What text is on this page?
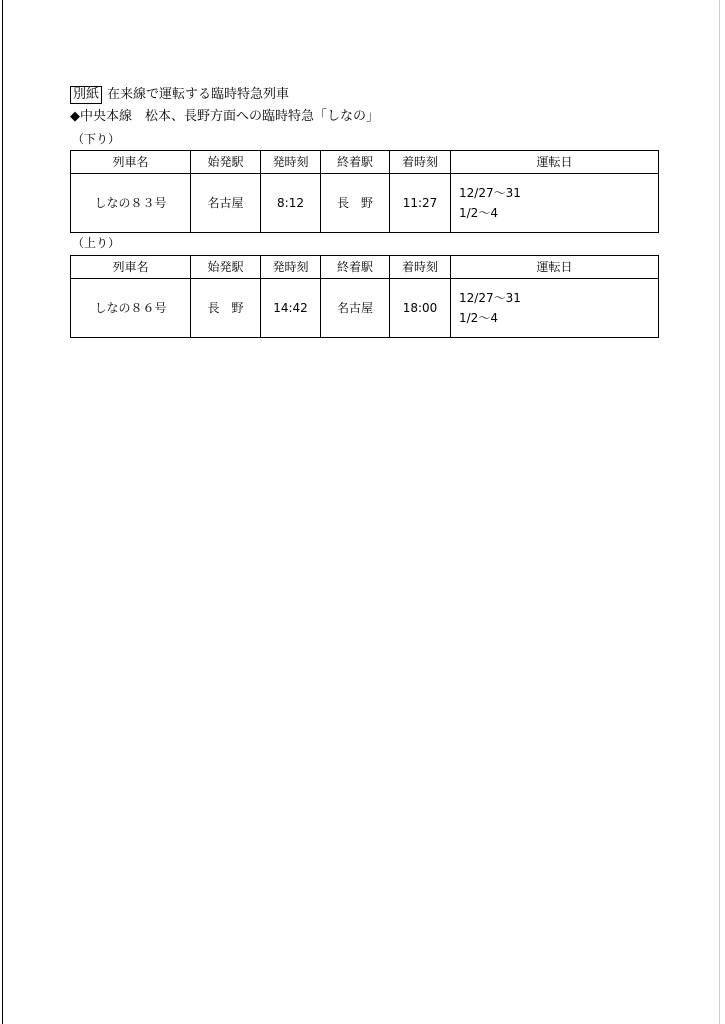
別紙 在来線で運転する臨時特急列車
◆中央本線　松本、長野方面への臨時特急「しなの」
（下り）
列車名	始発駅	発時刻	終着駅	着時刻	運転日
しなの８３号	名古屋	8:12	長　野	11:27	12/27～31
1/2～4
（上り）
列車名	始発駅	発時刻	終着駅	着時刻	運転日
しなの８６号	長　野	14:42	名古屋	18:00	12/27～31
1/2～4
